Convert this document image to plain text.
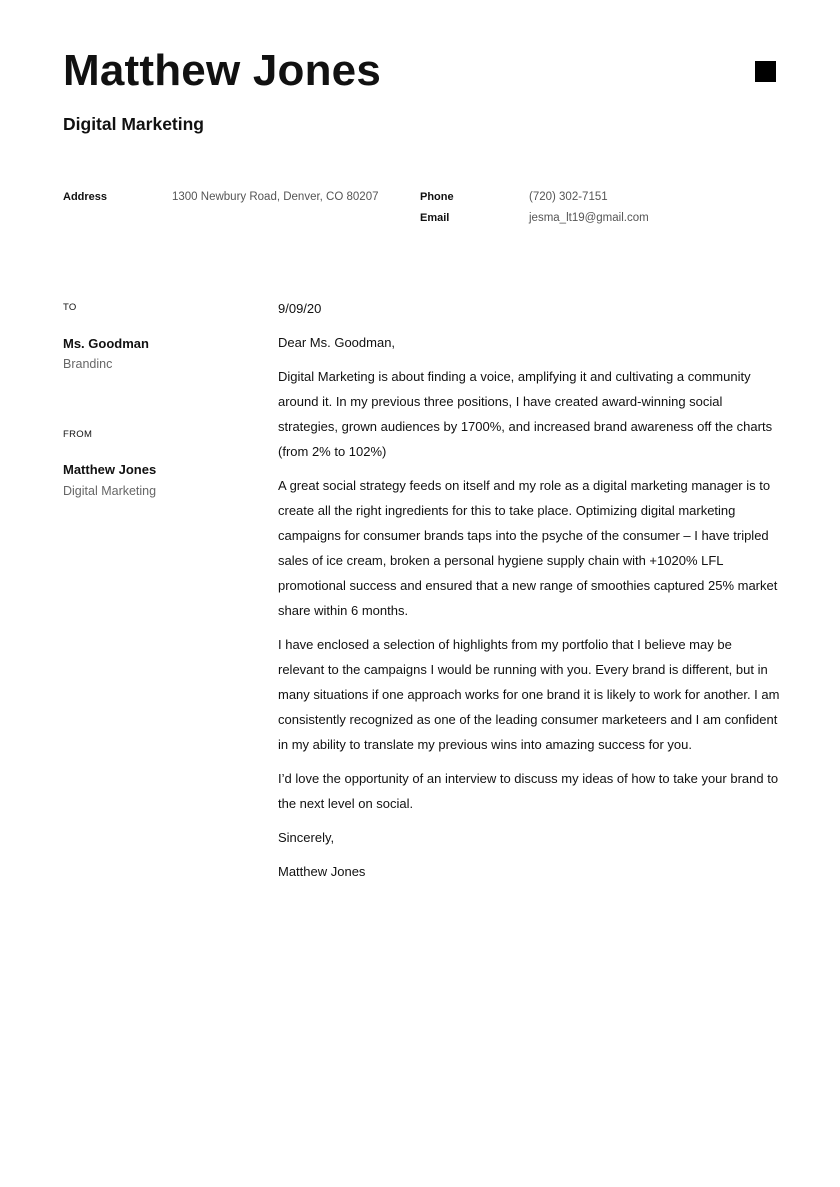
Matthew Jones
Digital Marketing
Address	1300 Newbury Road, Denver, CO 80207	Phone	(720) 302-7151
Email	jesma_lt19@gmail.com
TO
Ms. Goodman
Brandinc
FROM
Matthew Jones
Digital Marketing

9/09/20

Dear Ms. Goodman,

Digital Marketing is about finding a voice, amplifying it and cultivating a community around it. In my previous three positions, I have created award-winning social strategies, grown audiences by 1700%, and increased brand awareness off the charts (from 2% to 102%)

A great social strategy feeds on itself and my role as a digital marketing manager is to create all the right ingredients for this to take place. Optimizing digital marketing campaigns for consumer brands taps into the psyche of the consumer – I have tripled sales of ice cream, broken a personal hygiene supply chain with +1020% LFL promotional success and ensured that a new range of smoothies captured 25% market share within 6 months.

I have enclosed a selection of highlights from my portfolio that I believe may be relevant to the campaigns I would be running with you. Every brand is different, but in many situations if one approach works for one brand it is likely to work for another. I am consistently recognized as one of the leading consumer marketeers and I am confident in my ability to translate my previous wins into amazing success for you.

I’d love the opportunity of an interview to discuss my ideas of how to take your brand to the next level on social.

Sincerely,

Matthew Jones
